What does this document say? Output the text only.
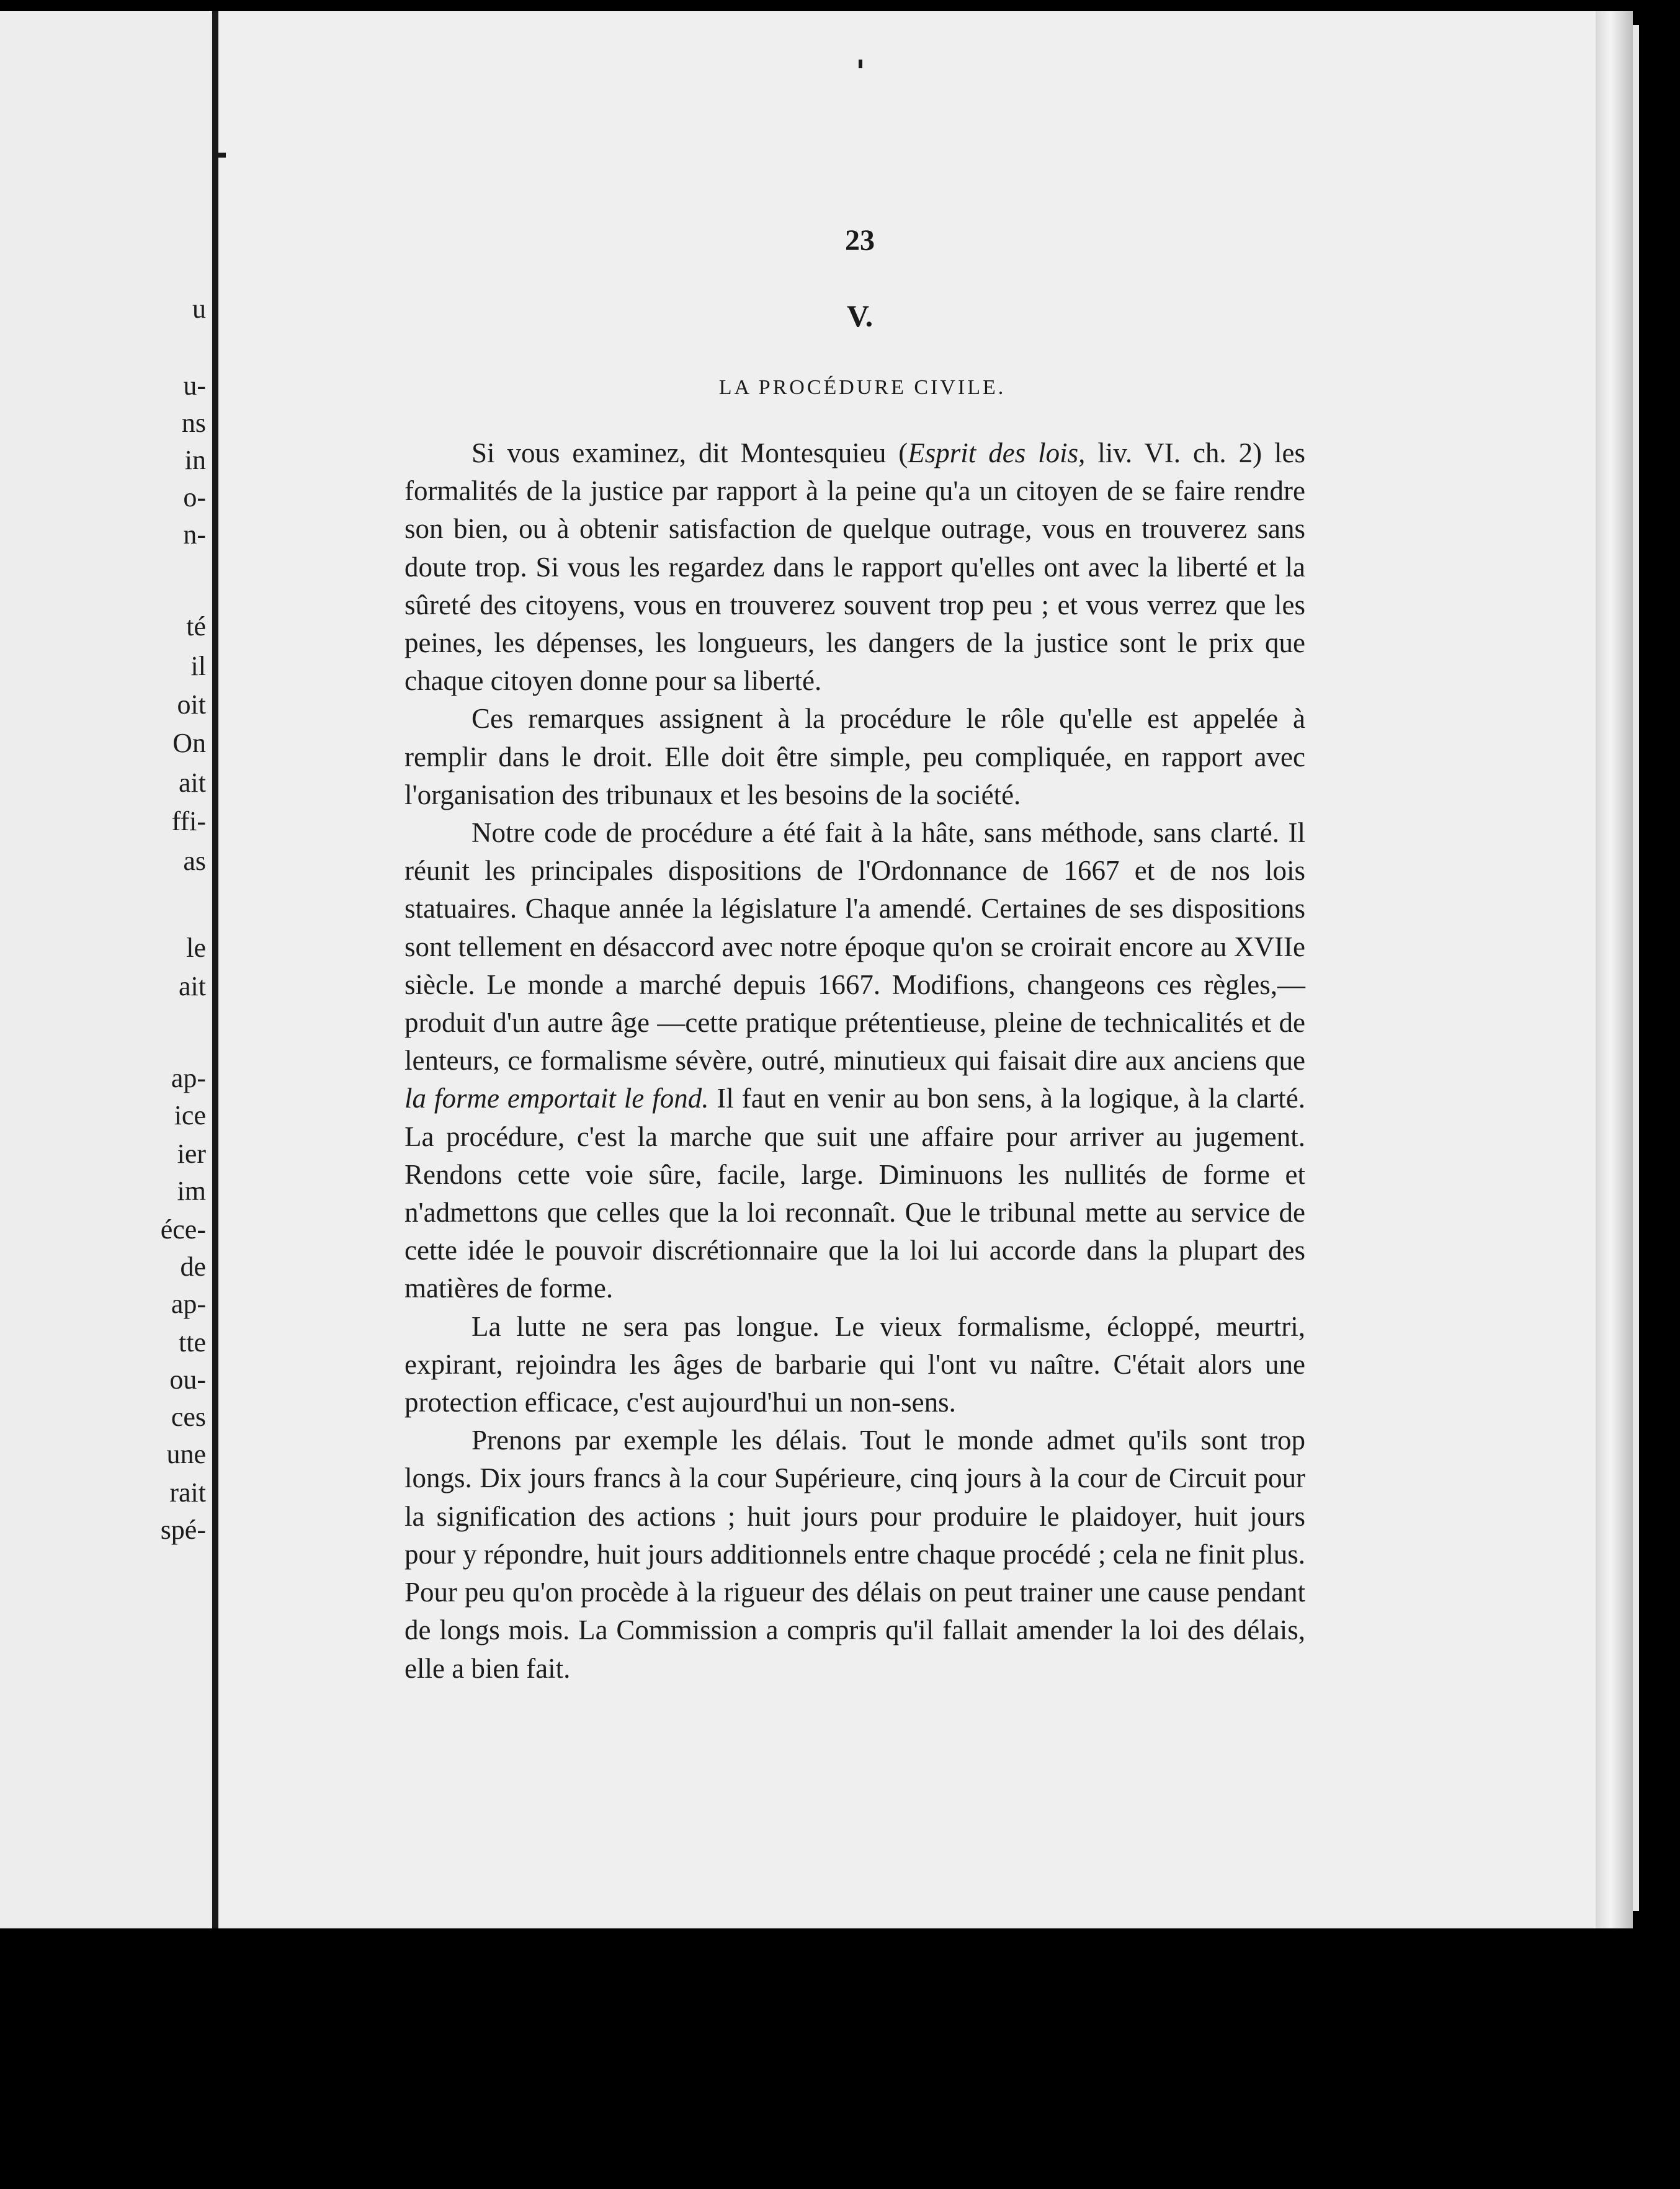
u
u-
ns
in
o-
n-
té
il
oit
On
ait
ffi-
as
le
ait
ap-
ice
ier
im
éce-
de
ap-
tte
ou-
ces
une
rait
spé-
23
V.
LA PROCÉDURE CIVILE.

Si vous examinez, dit Montesquieu (Esprit des lois, liv. VI. ch. 2) les formalités de la justice par rapport à la peine qu'a un citoyen de se faire rendre son bien, ou à obtenir satisfaction de quelque outrage, vous en trouverez sans doute trop. Si vous les regardez dans le rapport qu'elles ont avec la liberté et la sûreté des citoyens, vous en trouverez souvent trop peu ; et vous verrez que les peines, les dépenses, les longueurs, les dangers de la justice sont le prix que chaque citoyen donne pour sa liberté.

Ces remarques assignent à la procédure le rôle qu'elle est appelée à remplir dans le droit. Elle doit être simple, peu compliquée, en rapport avec l'organisation des tribunaux et les besoins de la société.

Notre code de procédure a été fait à la hâte, sans méthode, sans clarté. Il réunit les principales dispositions de l'Ordonnance de 1667 et de nos lois statuaires. Chaque année la législature l'a amendé. Certaines de ses dispositions sont tellement en désaccord avec notre époque qu'on se croirait encore au XVIIe siècle. Le monde a marché depuis 1667. Modifions, changeons ces règles,—produit d'un autre âge —cette pratique prétentieuse, pleine de technicalités et de lenteurs, ce formalisme sévère, outré, minutieux qui faisait dire aux anciens que la forme emportait le fond. Il faut en venir au bon sens, à la logique, à la clarté. La procédure, c'est la marche que suit une affaire pour arriver au jugement. Rendons cette voie sûre, facile, large. Diminuons les nullités de forme et n'admettons que celles que la loi reconnaît. Que le tribunal mette au service de cette idée le pouvoir discrétionnaire que la loi lui accorde dans la plupart des matières de forme.

La lutte ne sera pas longue. Le vieux formalisme, écloppé, meurtri, expirant, rejoindra les âges de barbarie qui l'ont vu naître. C'était alors une protection efficace, c'est aujourd'hui un non-sens.

Prenons par exemple les délais. Tout le monde admet qu'ils sont trop longs. Dix jours francs à la cour Supérieure, cinq jours à la cour de Circuit pour la signification des actions ; huit jours pour produire le plaidoyer, huit jours pour y répondre, huit jours additionnels entre chaque procédé ; cela ne finit plus. Pour peu qu'on procède à la rigueur des délais on peut trainer une cause pendant de longs mois. La Commission a compris qu'il fallait amender la loi des délais, elle a bien fait.
